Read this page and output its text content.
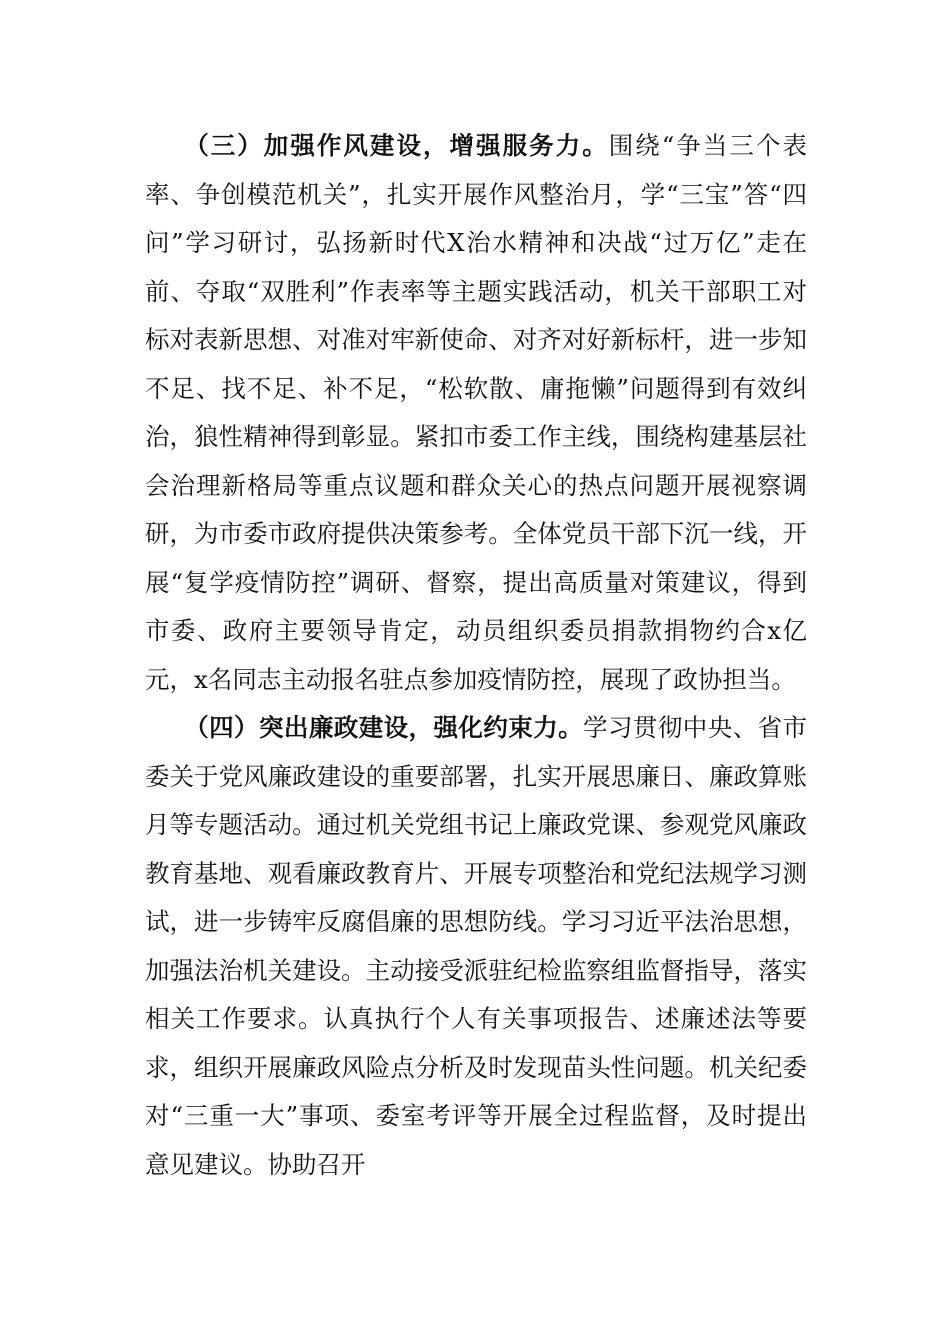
（三）加强作风建设，增强服务力。围绕“争当三个表率、争创模范机关”，扎实开展作风整治月，学“三宝”答“四问”学习研讨，弘扬新时代X治水精神和决战“过万亿”走在前、夺取“双胜利”作表率等主题实践活动，机关干部职工对标对表新思想、对准对牢新使命、对齐对好新标杆，进一步知不足、找不足、补不足，“松软散、庸拖懒”问题得到有效纠治，狼性精神得到彰显。紧扣市委工作主线，围绕构建基层社会治理新格局等重点议题和群众关心的热点问题开展视察调研，为市委市政府提供决策参考。全体党员干部下沉一线，开展“复学疫情防控”调研、督察，提出高质量对策建议，得到市委、政府主要领导肯定，动员组织委员捐款捐物约合x亿元，x名同志主动报名驻点参加疫情防控，展现了政协担当。

（四）突出廉政建设，强化约束力。学习贯彻中央、省市委关于党风廉政建设的重要部署，扎实开展思廉日、廉政算账月等专题活动。通过机关党组书记上廉政党课、参观党风廉政教育基地、观看廉政教育片、开展专项整治和党纪法规学习测试，进一步铸牢反腐倡廉的思想防线。学习习近平法治思想，加强法治机关建设。主动接受派驻纪检监察组监督指导，落实相关工作要求。认真执行个人有关事项报告、述廉述法等要求，组织开展廉政风险点分析及时发现苗头性问题。机关纪委对“三重一大”事项、委室考评等开展全过程监督，及时提出意见建议。协助召开
